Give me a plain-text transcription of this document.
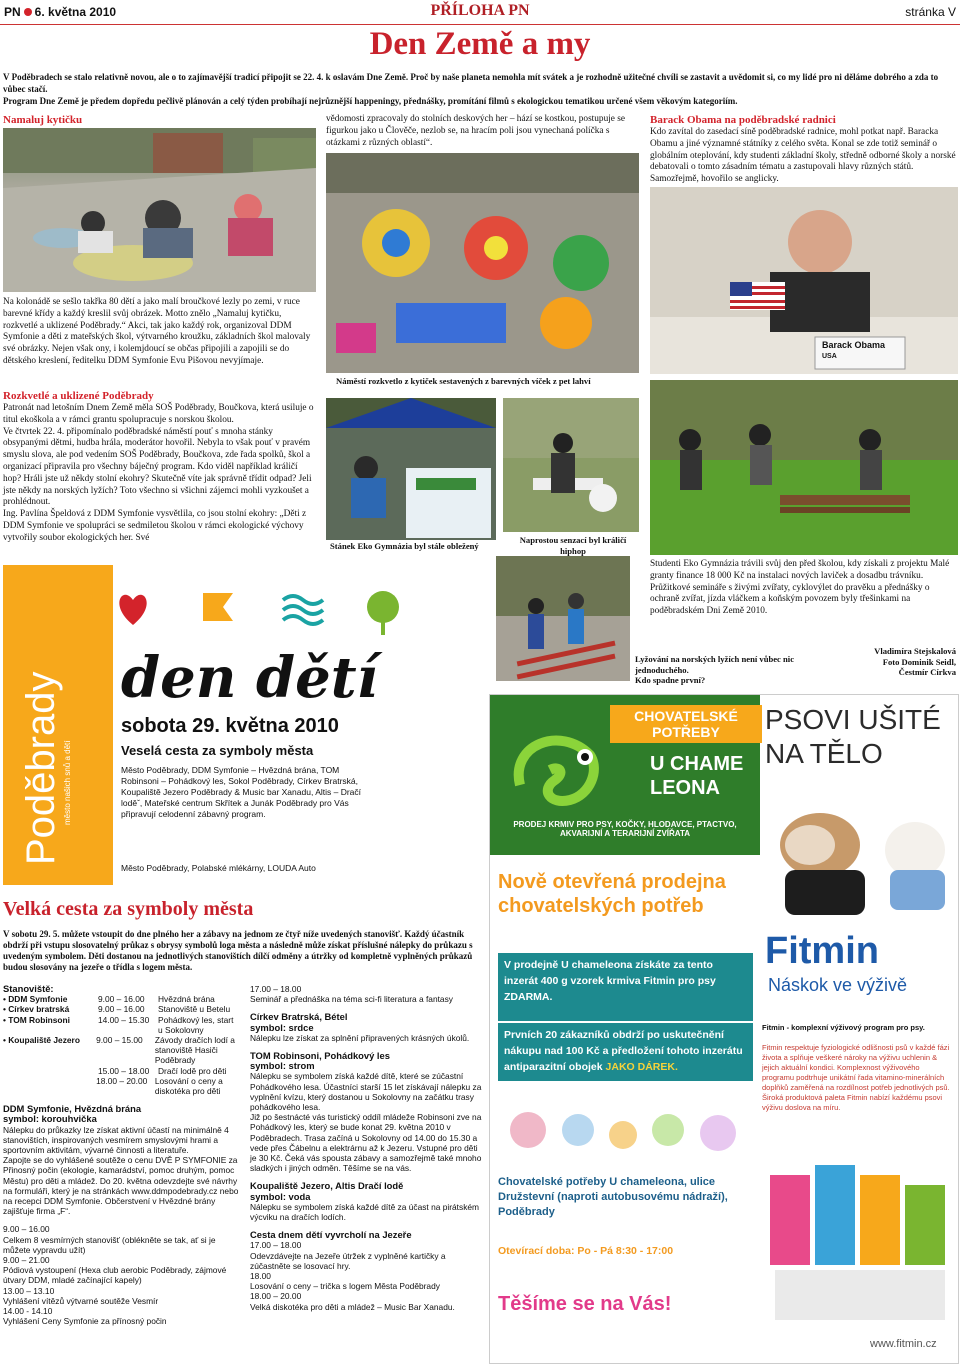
PN 6. května 2010	PŘÍLOHA PN	stránka V
Den Země a my
V Poděbradech se stalo relativně novou, ale o to zajímavější tradicí připojit se 22. 4. k oslavám Dne Země. Proč by naše planeta nemohla mít svátek a je rozhodně užitečné chvíli se zastavit a uvědomit si, co my lidé pro ni děláme dobrého a zda to vůbec stačí.
Program Dne Země je předem dopředu pečlivě plánován a celý týden probíhají nejrůznější happeningy, přednášky, promítání filmů s ekologickou tematikou určené všem věkovým kategoriím.
Namaluj kytičku
Na kolonádě se sešlo takřka 80 dětí a jako malí broučkové lezly po zemi, v ruce barevné křídy a každý kreslil svůj obrázek. Motto znělo „Namaluj kytičku, rozkvetlé a uklizené Poděbrady.“ Akci, tak jako každý rok, organizoval DDM Symfonie a děti z mateřských škol, výtvarného kroužku, základních škol malovaly své obrázky. Nejen však ony, i kolemjdoucí se občas připojili a zapojili se do dětského kreslení, ředitelku DDM Symfonie Evu Pišovou nevyjímaje.
Rozkvetlé a uklizené Poděbrady
Patronát nad letošním Dnem Země měla SOŠ Poděbrady, Boučkova, která usiluje o titul ekoškola a v rámci grantu spolupracuje s norskou školou.
Ve čtvrtek 22. 4. připomínalo poděbradské náměstí pouť s mnoha stánky obsypanými dětmi, hudba hrála, moderátor hovořil. Nebyla to však pouť v pravém smyslu slova, ale pod vedením SOŠ Poděbrady, Boučkova, zde řada spolků, škol a organizací připravila pro všechny báječný program. Kdo viděl například králičí hop? Hráli jste už někdy stolní ekohry? Skutečně víte jak správně třídit odpad? Jeli jste někdy na norských lyžích? Toto všechno si všichni zájemci mohli vyzkoušet a prohlédnout.
Ing. Pavlína Špeldová z DDM Symfonie vysvětlila, co jsou stolní ekohry: „Děti z DDM Symfonie ve spolupráci se sedmiletou školou v rámci ekologické výchovy vytvořily soubor ekologických her. Své
vědomosti zpracovaly do stolních deskových her – hází se kostkou, postupuje se figurkou jako u Člověče, nezlob se, na hracím poli jsou vynechaná políčka s otázkami z různých oblastí“.
Náměstí rozkvetlo z kytiček sestavených z barevných víček z pet lahví
Stánek Eko Gymnázia byl stále obležený
Naprostou senzací byl králičí hiphop
Barack Obama na poděbradské radnici
Kdo zavítal do zasedací síně poděbradské radnice, mohl potkat např. Baracka Obamu a jiné významné státníky z celého světa. Konal se zde totiž seminář o globálním oteplování, kdy studenti základní školy, středně odborné školy a norské debatovali o tomto zásadním tématu a zastupovali hlavy různých států. Samozřejmě, hovořilo se anglicky.
Barack Obama
USA
Studenti Eko Gymnázia trávili svůj den před školou, kdy získali z projektu Malé granty finance 18 000 Kč na instalaci nových laviček a dosadbu trávníku.
Průžitkové semináře s živými zvířaty, cyklovýlet do pravěku a přednášky o ochraně zvířat, jízda vláčkem a koňským povozem byly třešinkami na poděbradském Dni Země 2010.
Lyžování na norských lyžích není vůbec nic jednoduchého.
Kdo spadne první?
Vladimíra Stejskalová
Foto Dominik Seidl,
Čestmír Církva
Poděbrady město našich snů a dětí
den dětí
sobota 29. května 2010
Veselá cesta za symboly města
Město Poděbrady, DDM Symfonie – Hvězdná brána, TOM Robinsoni – Pohádkový les, Sokol Poděbrady, Církev Bratrská, Koupaliště Jezero Poděbrady & Music bar Xanadu, Altis – Dračí loděˇ, Mateřské centrum Skřítek a Junák Poděbrady pro Vás připravují celodenní zábavný program.
Město Poděbrady, Polabské mlékárny, LOUDA Auto
Velká cesta za symboly města
V sobotu 29. 5. můžete vstoupit do dne plného her a zábavy na jednom ze čtyř níže uvedených stanovišť. Každý účastník obdrží při vstupu slosovatelný průkaz s obrysy symbolů loga města a následně může získat příslušné nálepky do průkazu s uvedeným symbolem. Děti dostanou na jednotlivých stanovištích dílčí odměny a útržky od kompletně vyplněných průkazů budou slosovány na jezeře o třídla s logem města.
Stanoviště:
• DDM Symfonie	9.00 – 16.00	Hvězdná brána
• Církev bratrská	9.00 – 16.00	Stanoviště u Betelu
• TOM Robinsoni	14.00 – 15.30	Pohádkový les, start u Sokolovny
• Koupaliště Jezero	9.00 – 15.00	Závody dračích lodí a stanoviště Hasiči Poděbrady
15.00 – 18.00	Dračí lodě pro děti
18.00 – 20.00 Losování o ceny a diskotéka pro děti
DDM Symfonie, Hvězdná brána
symbol: korouhvička
Nálepku do průkazky lze získat aktivní účastí na minimálně 4 stanovištích, inspirovaných vesmírem smyslovými hrami a sportovním aktivitám, vývarné činnosti a literatuře.
Zapojte se do vyhlášené soutěže o cenu DVĚ P SYMFONIE za Přinosný počin (ekologie, kamarádství, pomoc druhým, pomoc Městu) pro děti a mládež. Do 20. května odevzdejte své návrhy na formuláři, který je na stránkách www.ddmpodebrady.cz nebo na recepci DDM Symfonie. Občerstvení v Hvězdné brány zajišťuje firma „F“.
9.00 – 16.00
Celkem 8 vesmírných stanovišť (oblékněte se tak, ať si je můžete vypravdu užít)
9.00 – 21.00
Pódiová vystoupení (Hexa club aerobic Poděbrady, zájmové útvary DDM, mladé začínající kapely)
13.00 – 13.10
Vyhlášení vítězů výtvarné soutěže Vesmír
14.00 - 14.10
Vyhlášení Ceny Symfonie za přínosný počin
17.00 – 18.00
Seminář a přednáška na téma sci-fi literatura a fantasy
Církev Bratrská, Bétel
symbol: srdce
Nálepku lze získat za splnění připravených krásných úkolů.
TOM Robinsoni, Pohádkový les
symbol: strom
Nálepku se symbolem získá každé dítě, které se zúčastní Pohádkového lesa. Účastníci starší 15 let získávají nálepku za vyplnění kvízu, který dostanou u Sokolovny na začátku trasy pohádkového lesa.
Již po šestnácté vás turistický oddíl mládeže Robinsoni zve na Pohádkový les, který se bude konat 29. května 2010 v Poděbradech. Trasa začíná u Sokolovny od 14.00 do 15.30 a vede přes Čábelnu a elektrárnu až k Jezeru. Vstupné pro děti je 30 Kč. Čeká vás spousta zábavy a samozřejmě také mnoho sladkých i jiných odměn. Těšíme se na vás.
Koupaliště Jezero, Altis Dračí lodě
symbol: voda
Nálepku se symbolem získá každé dítě za účast na pirátském výcviku na dračích lodích.
Cesta dnem dětí vyvrcholí na Jezeře
17.00 – 18.00
Odevzdávejte na Jezeře útržek z vyplněné kartičky a zúčastněte se losovací hry.
18.00
Losování o ceny – trička s logem Města Poděbrady
18.00 – 20.00
Velká diskotéka pro děti a mládež – Music Bar Xanadu.
CHOVATELSKÉ POTŘEBY
U CHAME
LEONA
PRODEJ KRMIV PRO PSY, KOČKY, HLODAVCE, PTACTVO, AKVARIJNÍ A TERARIJNÍ ZVÍŘATA
PSOVI UŠITÉ NA TĚLO
Nově otevřená prodejna chovatelských potřeb
V prodejně U chameleona získáte za tento inzerát 400 g vzorek krmiva Fitmin pro psy ZDARMA.
Prvních 20 zákazníků obdrží po uskutečnění nákupu nad 100 Kč a předložení tohoto inzerátu antiparazitní obojek JAKO DÁREK.
Fitmin
Náskok ve výživě
Fitmin - komplexní výživový program pro psy.
Fitmin respektuje fyziologické odlišnosti psů v každé fázi života a splňuje veškeré nároky na výživu uchlenin & jejich aktuální kondici. Komplexnost výživového programu podtrhuje unikátní řada vitamino-minerálních doplňků zaměřená na rozdílnost potřeb jednotlivých psů. Široká produktová paleta Fitmin nabízí každému psovi výživu doslova na míru.
Chovatelské potřeby U chameleona, ulice Družstevní (naproti autobusovému nádraží), Poděbrady
Otevírací doba: Po - Pá 8:30 - 17:00
Těšíme se na Vás!
www.fitmin.cz
